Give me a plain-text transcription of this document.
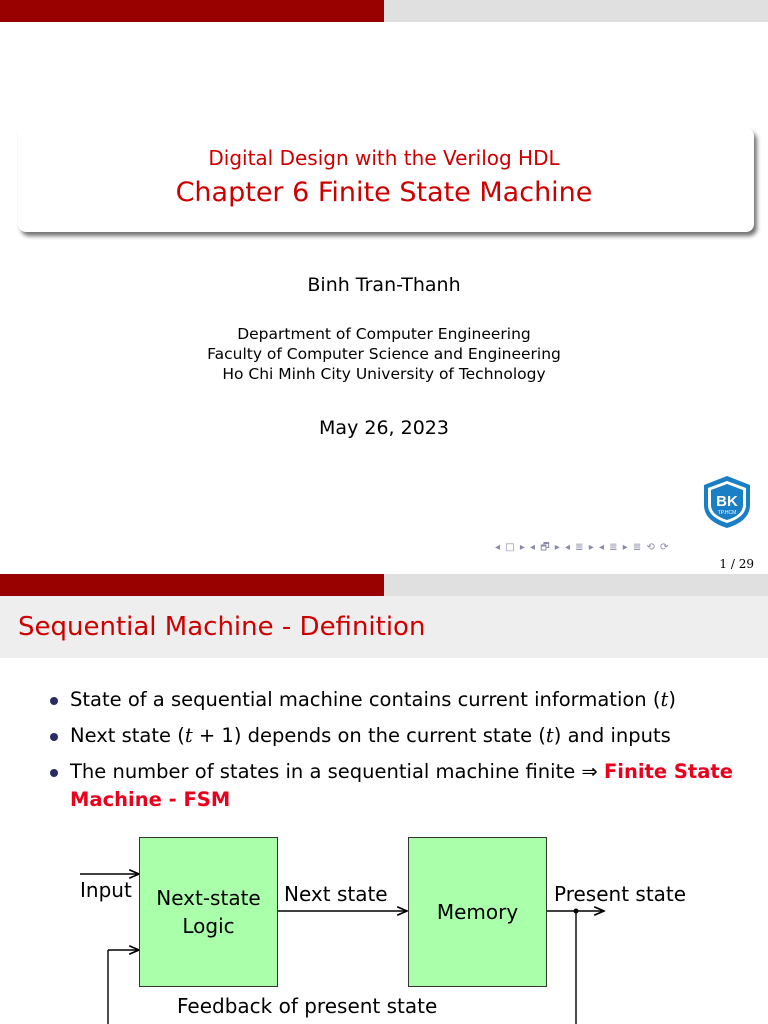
Digital Design with the Verilog HDL
Chapter 6 Finite State Machine
Binh Tran-Thanh
Department of Computer Engineering
Faculty of Computer Science and Engineering
Ho Chi Minh City University of Technology
May 26, 2023
BK
TP.HCM
◂ □ ▸ ◂ 🗗 ▸ ◂ ≣ ▸ ◂ ≣ ▸ ≣ ⟲ ⟳
1 / 29
Sequential Machine - Definition
State of a sequential machine contains current information (t)
Next state (t + 1) depends on the current state (t) and inputs
The number of states in a sequential machine finite ⇒ Finite State
Machine - FSM
Next-state
Logic
Memory
Input	Next state	Present state
Feedback of present state
